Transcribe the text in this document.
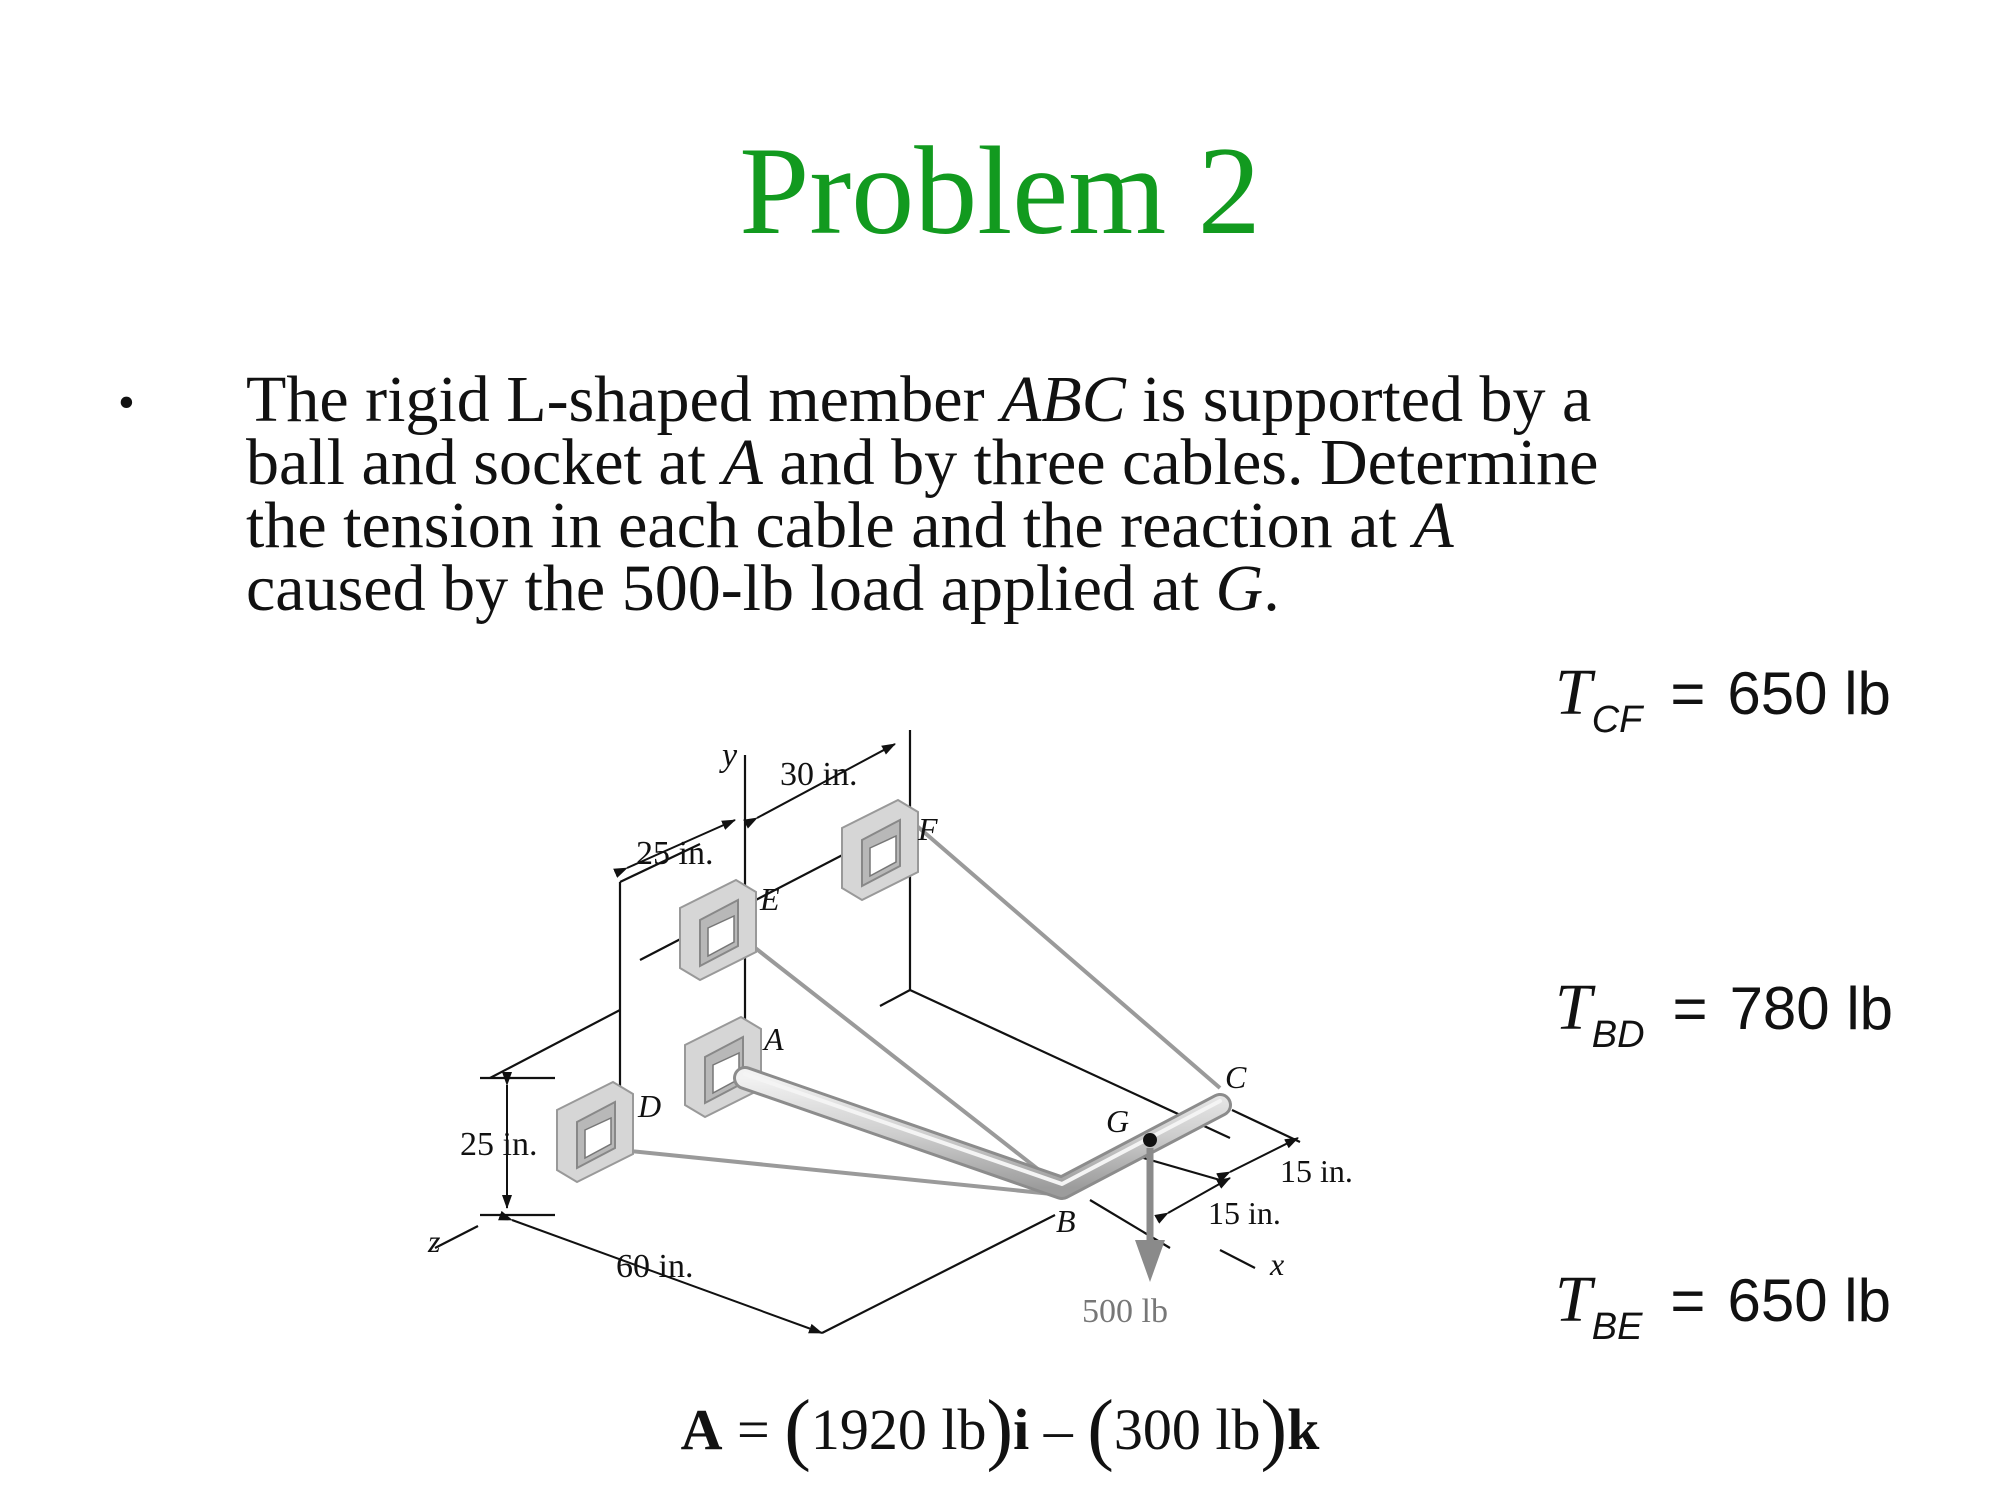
Problem 2
• The rigid L-shaped member ABC is supported by a
ball and socket at A and by three cables. Determine
the tension in each cable and the reaction at A
caused by the 500-lb load applied at G.

$T_{CF} = 650$ lb
$T_{BD} = 780$ lb
$T_{BE} = 650$ lb
A = (1920 lb)i – (300 lb)k
y
30 in.
F
25 in.
E
A
D
C
G
B
25 in.
z
60 in.
15 in.
15 in.
x
500 lb
